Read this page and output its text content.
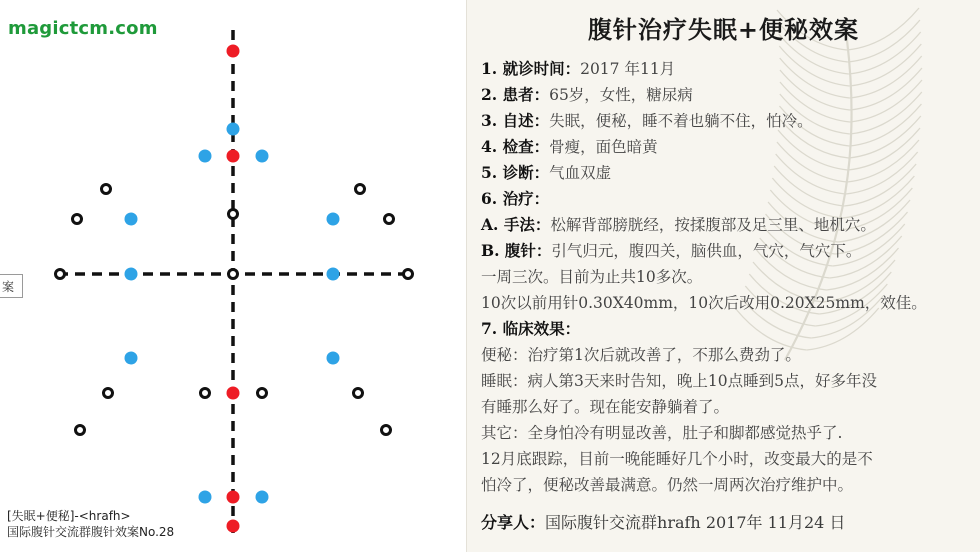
magictcm.com
案
[失眠+便秘]-<hrafh>
国际腹针交流群腹针效案No.28
腹针治疗失眠+便秘效案
1. 就诊时间：2017 年11月
2. 患者：65岁，女性，糖尿病
3. 自述：失眠，便秘，睡不着也躺不住，怕冷。
4. 检查：骨瘦，面色暗黄
5. 诊断：气血双虚
6. 治疗：
A. 手法：松解背部膀胱经，按揉腹部及足三里、地机穴。
B. 腹针：引气归元，腹四关，脑供血，气穴，气穴下。
一周三次。目前为止共10多次。
10次以前用针0.30X40mm，10次后改用0.20X25mm，效佳。
7. 临床效果：
便秘：治疗第1次后就改善了，不那么费劲了。
睡眠：病人第3天来时告知，晚上10点睡到5点，好多年没
有睡那么好了。现在能安静躺着了。
其它：全身怕冷有明显改善，肚子和脚都感觉热乎了.
12月底跟踪，目前一晚能睡好几个小时，改变最大的是不
怕冷了，便秘改善最满意。仍然一周两次治疗维护中。
分享人：国际腹针交流群hrafh 2017年 11月24 日
